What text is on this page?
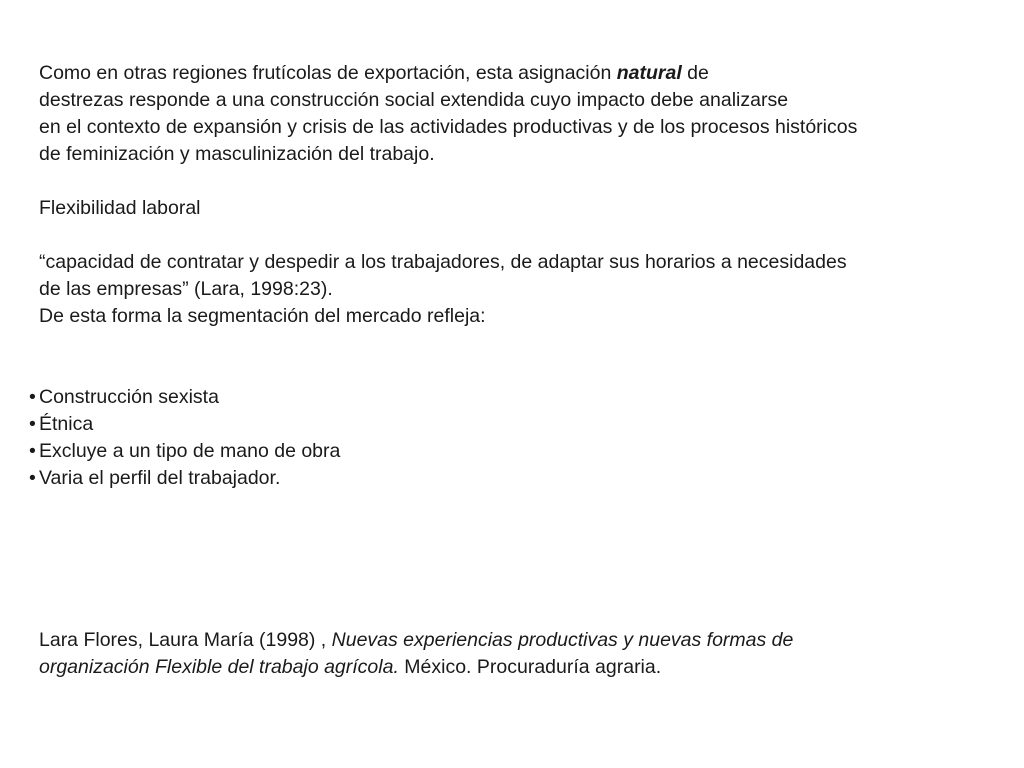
Como en otras regiones frutícolas de exportación, esta asignación natural de
destrezas responde a una construcción social extendida cuyo impacto debe analizarse
en el contexto de expansión y crisis de las actividades productivas y de los procesos históricos
de feminización y masculinización del trabajo.
Flexibilidad laboral
“capacidad de contratar y despedir a los trabajadores, de adaptar sus horarios a necesidades
de las empresas” (Lara, 1998:23).
De esta forma la segmentación del mercado refleja:
• Construcción sexista
• Étnica
• Excluye a un tipo de mano de obra
• Varia el perfil del trabajador.
Lara Flores, Laura María (1998) , Nuevas experiencias productivas y nuevas formas de
organización Flexible del trabajo agrícola. México. Procuraduría agraria.
